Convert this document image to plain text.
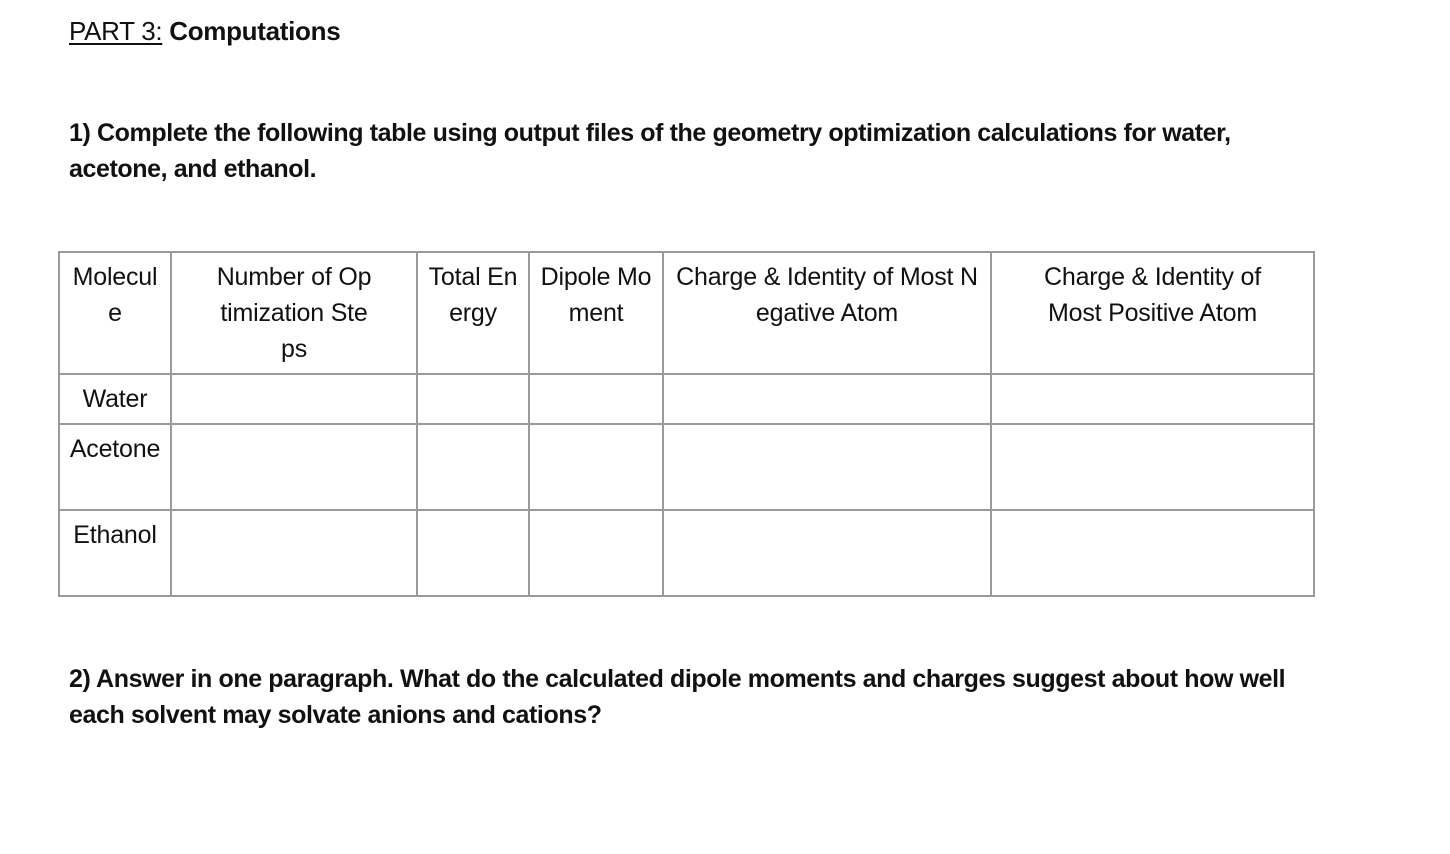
PART 3: Computations
1) Complete the following table using output files of the geometry optimization calculations for water, acetone, and ethanol.
Molecule	Number of Optimization Steps	Total Energy	Dipole Moment	Charge & Identity of Most Negative Atom	Charge & Identity of Most Positive Atom

Water					
Acetone					
Ethanol					
2) Answer in one paragraph. What do the calculated dipole moments and charges suggest about how well each solvent may solvate anions and cations?
